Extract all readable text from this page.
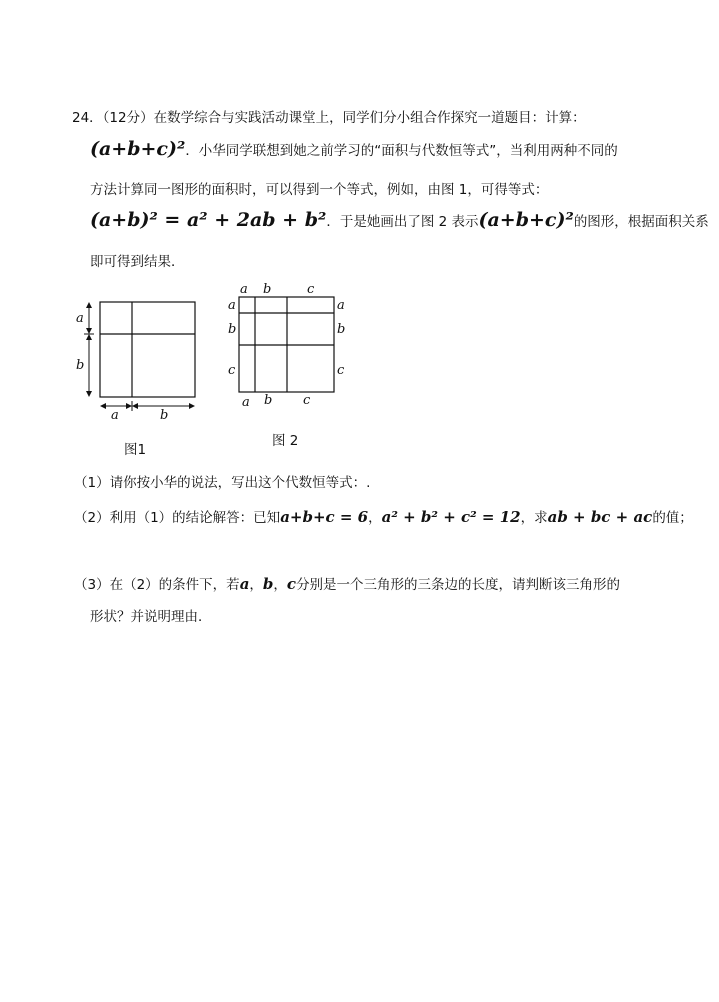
24．（12分）在数学综合与实践活动课堂上，同学们分小组合作探究一道题目：计算：
(a+b+c)²．小华同学联想到她之前学习的“面积与代数恒等式”，当利用两种不同的
方法计算同一图形的面积时，可以得到一个等式，例如，由图 1，可得等式：
(a+b)² = a² + 2ab + b²．于是她画出了图 2 表示(a+b+c)²的图形，根据面积关系
即可得到结果．
a
b
a	b
图1
a b	c
a
b
c
a
b
c
a b c
图 2
（1）请你按小华的说法，写出这个代数恒等式：.
（2）利用（1）的结论解答：已知a+b+c = 6，a² + b² + c² = 12，求ab + bc + ac的值；
（3）在（2）的条件下，若a，b，c分别是一个三角形的三条边的长度，请判断该三角形的
形状？并说明理由．
